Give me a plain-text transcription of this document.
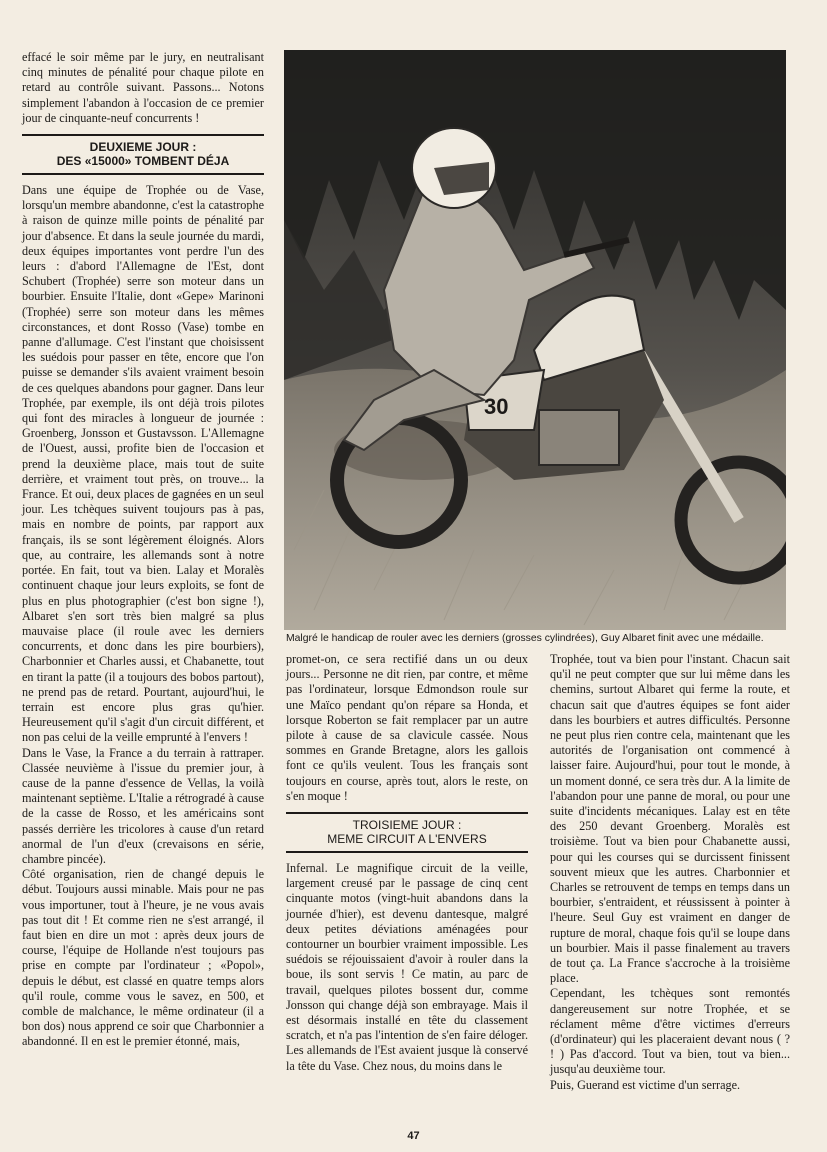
effacé le soir même par le jury, en neutralisant cinq minutes de pénalité pour chaque pilote en retard au contrôle suivant. Passons... Notons simplement l'abandon à l'occasion de ce premier jour de cinquante-neuf concurrents !

DEUXIEME JOUR :
DES «15000» TOMBENT DÉJA

Dans une équipe de Trophée ou de Vase, lorsqu'un membre abandonne, c'est la catastrophe à raison de quinze mille points de pénalité par jour d'absence. Et dans la seule journée du mardi, deux équipes importantes vont perdre l'un des leurs : d'abord l'Allemagne de l'Est, dont Schubert (Trophée) serre son moteur dans un bourbier. Ensuite l'Italie, dont «Gepe» Marinoni (Trophée) serre son moteur dans les mêmes circonstances, et dont Rosso (Vase) tombe en panne d'allumage. C'est l'instant que choisissent les suédois pour passer en tête, encore que l'on puisse se demander s'ils avaient vraiment besoin de ces quelques abandons pour gagner. Dans leur Trophée, par exemple, ils ont déjà trois pilotes qui font des miracles à longueur de journée : Groenberg, Jonsson et Gustavsson. L'Allemagne de l'Ouest, aussi, profite bien de l'occasion et prend la deuxième place, mais tout de suite derrière, et vraiment tout près, on trouve... la France. Et oui, deux places de gagnées en un seul jour. Les tchèques suivent toujours pas à pas, mais en nombre de points, par rapport aux français, ils se sont légèrement éloignés. Alors que, au contraire, les allemands sont à notre portée. En fait, tout va bien. Lalay et Moralès continuent chaque jour leurs exploits, se font de plus en plus photographier (c'est bon signe !), Albaret s'en sort très bien malgré sa plus mauvaise place (il roule avec les derniers concurrents, et donc dans les pire bourbiers), Charbonnier et Charles aussi, et Chabanette, tout en tirant la patte (il a toujours des bobos partout), ne prend pas de retard. Pourtant, aujourd'hui, le terrain est encore plus gras qu'hier. Heureusement qu'il s'agit d'un circuit différent, et non pas celui de la veille emprunté à l'envers !

Dans le Vase, la France a du terrain à rattraper. Classée neuvième à l'issue du premier jour, à cause de la panne d'essence de Vellas, la voilà maintenant septième. L'Italie a rétrogradé à cause de la casse de Rosso, et les américains sont passés derrière les tricolores à cause d'un retard anormal de l'un d'eux (crevaisons en série, chambre pincée).

Côté organisation, rien de changé depuis le début. Toujours aussi minable. Mais pour ne pas vous importuner, tout à l'heure, je ne vous avais pas tout dit ! Et comme rien ne s'est arrangé, il faut bien en dire un mot : après deux jours de course, l'équipe de Hollande n'est toujours pas prise en compte par l'ordinateur ; «Popol», depuis le début, est classé en quatre temps alors qu'il roule, comme vous le savez, en 500, et comble de malchance, le même ordinateur (il a bon dos) nous apprend ce soir que Charbonnier a abandonné. Il en est le premier étonné, mais,

30
Malgré le handicap de rouler avec les derniers (grosses cylindrées), Guy Albaret finit avec une médaille.

promet-on, ce sera rectifié dans un ou deux jours... Personne ne dit rien, par contre, et même pas l'ordinateur, lorsque Edmondson roule sur une Maïco pendant qu'on répare sa Honda, et lorsque Roberton se fait remplacer par un autre pilote à cause de sa clavicule cassée. Nous sommes en Grande Bretagne, alors les gallois font ce qu'ils veulent. Tous les français sont toujours en course, après tout, alors le reste, on s'en moque !

TROISIEME JOUR :
MEME CIRCUIT A L'ENVERS

Infernal. Le magnifique circuit de la veille, largement creusé par le passage de cinq cent cinquante motos (vingt-huit abandons dans la journée d'hier), est devenu dantesque, malgré deux petites déviations aménagées pour contourner un bourbier vraiment impossible. Les suédois se réjouissaient d'avoir à rouler dans la boue, ils sont servis ! Ce matin, au parc de travail, quelques pilotes bossent dur, comme Jonsson qui change déjà son embrayage. Mais il est désormais installé en tête du classement scratch, et n'a pas l'intention de s'en faire déloger. Les allemands de l'Est avaient jusque là conservé la tête du Vase. Chez nous, du moins dans le

Trophée, tout va bien pour l'instant. Chacun sait qu'il ne peut compter que sur lui même dans les chemins, surtout Albaret qui ferme la route, et chacun sait que d'autres équipes se font aider dans les bourbiers et autres difficultés. Personne ne peut plus rien contre cela, maintenant que les autorités de l'organisation ont commencé à laisser faire. Aujourd'hui, pour tout le monde, à un moment donné, ce sera très dur. A la limite de l'abandon pour une panne de moral, ou pour une suite d'incidents mécaniques. Lalay est en tête des 250 devant Groenberg. Moralès est troisième. Tout va bien pour Chabanette aussi, pour qui les courses qui se durcissent finissent souvent mieux que les autres. Charbonnier et Charles se retrouvent de temps en temps dans un bourbier, s'entraident, et réussissent à pointer à l'heure. Seul Guy est vraiment en danger de rupture de moral, chaque fois qu'il se loupe dans un bourbier. Mais il passe finalement au travers de tout ça. La France s'accroche à la troisième place.

Cependant, les tchèques sont remontés dangereusement sur notre Trophée, et se réclament même d'être victimes d'erreurs (d'ordinateur) qui les placeraient devant nous ( ? ! ) Pas d'accord. Tout va bien, tout va bien... jusqu'au deuxième tour.

Puis, Guerand est victime d'un serrage.

47
